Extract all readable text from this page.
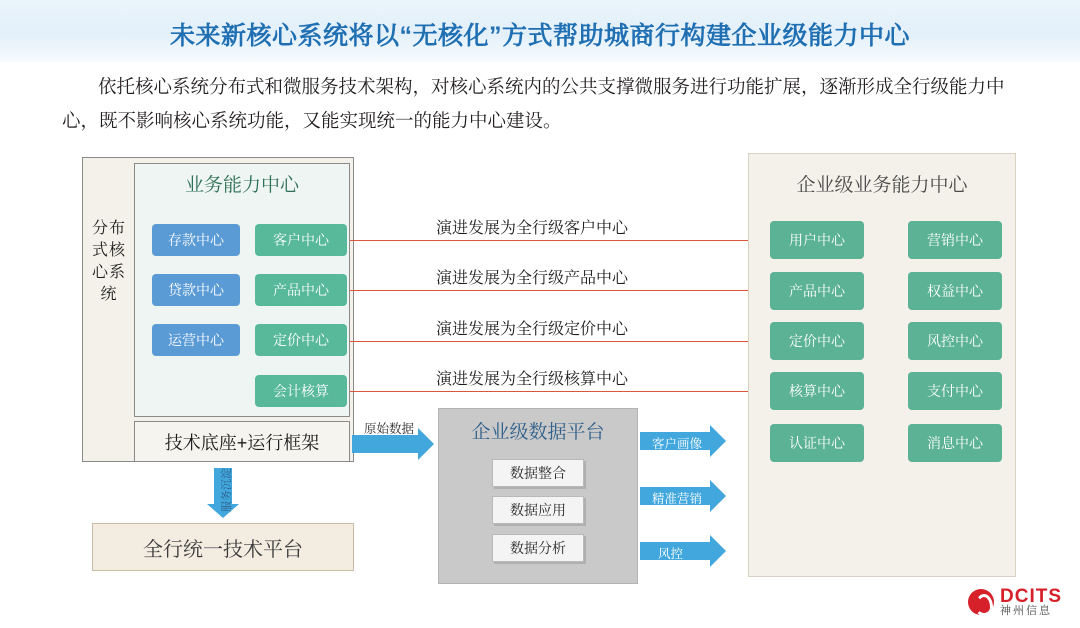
未来新核心系统将以“无核化”方式帮助城商行构建企业级能力中心
依托核心系统分布式和微服务技术架构，对核心系统内的公共支撑微服务进行功能扩展，逐渐形成全行级能力中心，既不影响核心系统功能，又能实现统一的能力中心建设。
分布式核心系统
业务能力中心
存款中心
贷款中心
运营中心
客户中心
产品中心
定价中心
会计核算
技术底座+运行框架
全行统一技术平台
服务沉淀
演进发展为全行级客户中心
演进发展为全行级产品中心
演进发展为全行级定价中心
演进发展为全行级核算中心
企业级业务能力中心
用户中心	营销中心
产品中心	权益中心
定价中心	风控中心
核算中心	支付中心
认证中心	消息中心
企业级数据平台
数据整合
数据应用
数据分析
原始数据
客户画像
精准营销
风控
DCITS
神州信息
